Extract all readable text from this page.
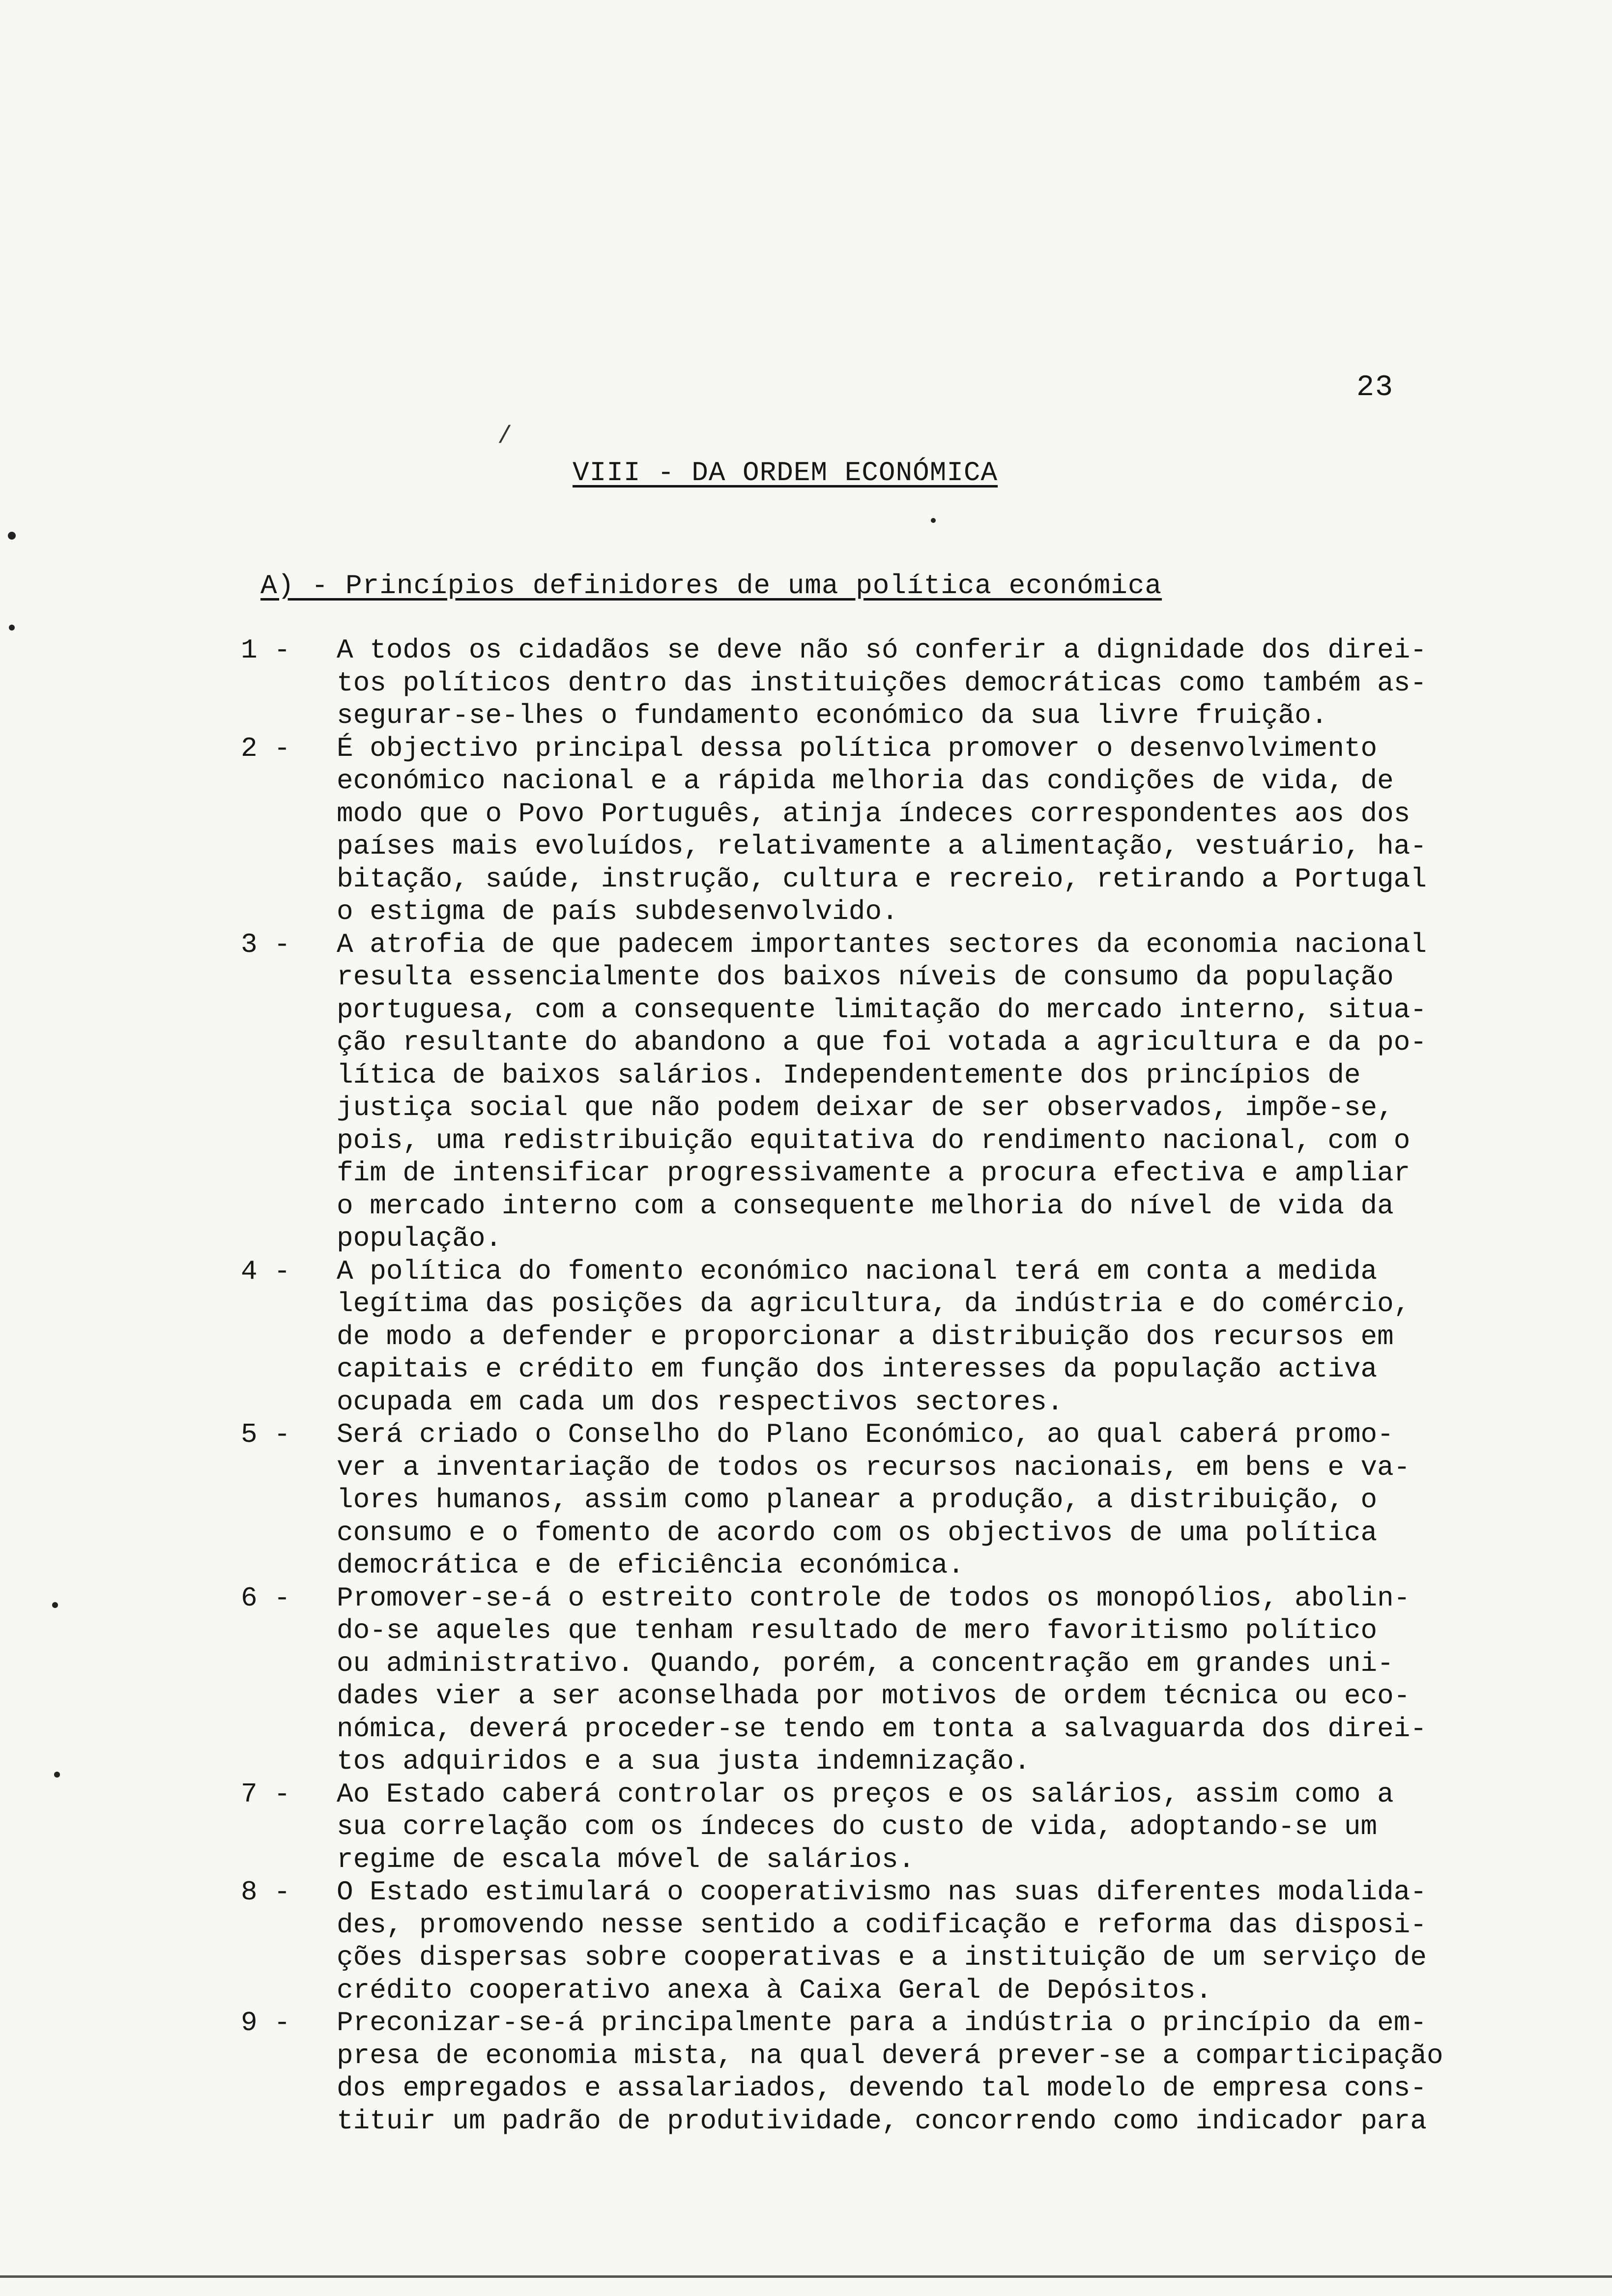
23
/
VIII - DA ORDEM ECONÓMICA
A) - Princípios definidores de uma política económica
1 -	A todos os cidadãos se deve não só conferir a dignidade dos direi-
tos políticos dentro das instituições democráticas como também as-
segurar-se-lhes o fundamento económico da sua livre fruição.
2 -	É objectivo principal dessa política promover o desenvolvimento
económico nacional e a rápida melhoria das condições de vida, de
modo que o Povo Português, atinja índeces correspondentes aos dos
países mais evoluídos, relativamente a alimentação, vestuário, ha-
bitação, saúde, instrução, cultura e recreio, retirando a Portugal
o estigma de país subdesenvolvido.
3 -	A atrofia de que padecem importantes sectores da economia nacional
resulta essencialmente dos baixos níveis de consumo da população
portuguesa, com a consequente limitação do mercado interno, situa-
ção resultante do abandono a que foi votada a agricultura e da po-
lítica de baixos salários. Independentemente dos princípios de
justiça social que não podem deixar de ser observados, impõe-se,
pois, uma redistribuição equitativa do rendimento nacional, com o
fim de intensificar progressivamente a procura efectiva e ampliar
o mercado interno com a consequente melhoria do nível de vida da
população.
4 -	A política do fomento económico nacional terá em conta a medida
legítima das posições da agricultura, da indústria e do comércio,
de modo a defender e proporcionar a distribuição dos recursos em
capitais e crédito em função dos interesses da população activa
ocupada em cada um dos respectivos sectores.
5 -	Será criado o Conselho do Plano Económico, ao qual caberá promo-
ver a inventariação de todos os recursos nacionais, em bens e va-
lores humanos, assim como planear a produção, a distribuição, o
consumo e o fomento de acordo com os objectivos de uma política
democrática e de eficiência económica.
6 -	Promover-se-á o estreito controle de todos os monopólios, abolin-
do-se aqueles que tenham resultado de mero favoritismo político
ou administrativo. Quando, porém, a concentração em grandes uni-
dades vier a ser aconselhada por motivos de ordem técnica ou eco-
nómica, deverá proceder-se tendo em tonta a salvaguarda dos direi-
tos adquiridos e a sua justa indemnização.
7 -	Ao Estado caberá controlar os preços e os salários, assim como a
sua correlação com os índeces do custo de vida, adoptando-se um
regime de escala móvel de salários.
8 -	O Estado estimulará o cooperativismo nas suas diferentes modalida-
des, promovendo nesse sentido a codificação e reforma das disposi-
ções dispersas sobre cooperativas e a instituição de um serviço de
crédito cooperativo anexa à Caixa Geral de Depósitos.
9 -	Preconizar-se-á principalmente para a indústria o princípio da em-
presa de economia mista, na qual deverá prever-se a comparticipação
dos empregados e assalariados, devendo tal modelo de empresa cons-
tituir um padrão de produtividade, concorrendo como indicador para
